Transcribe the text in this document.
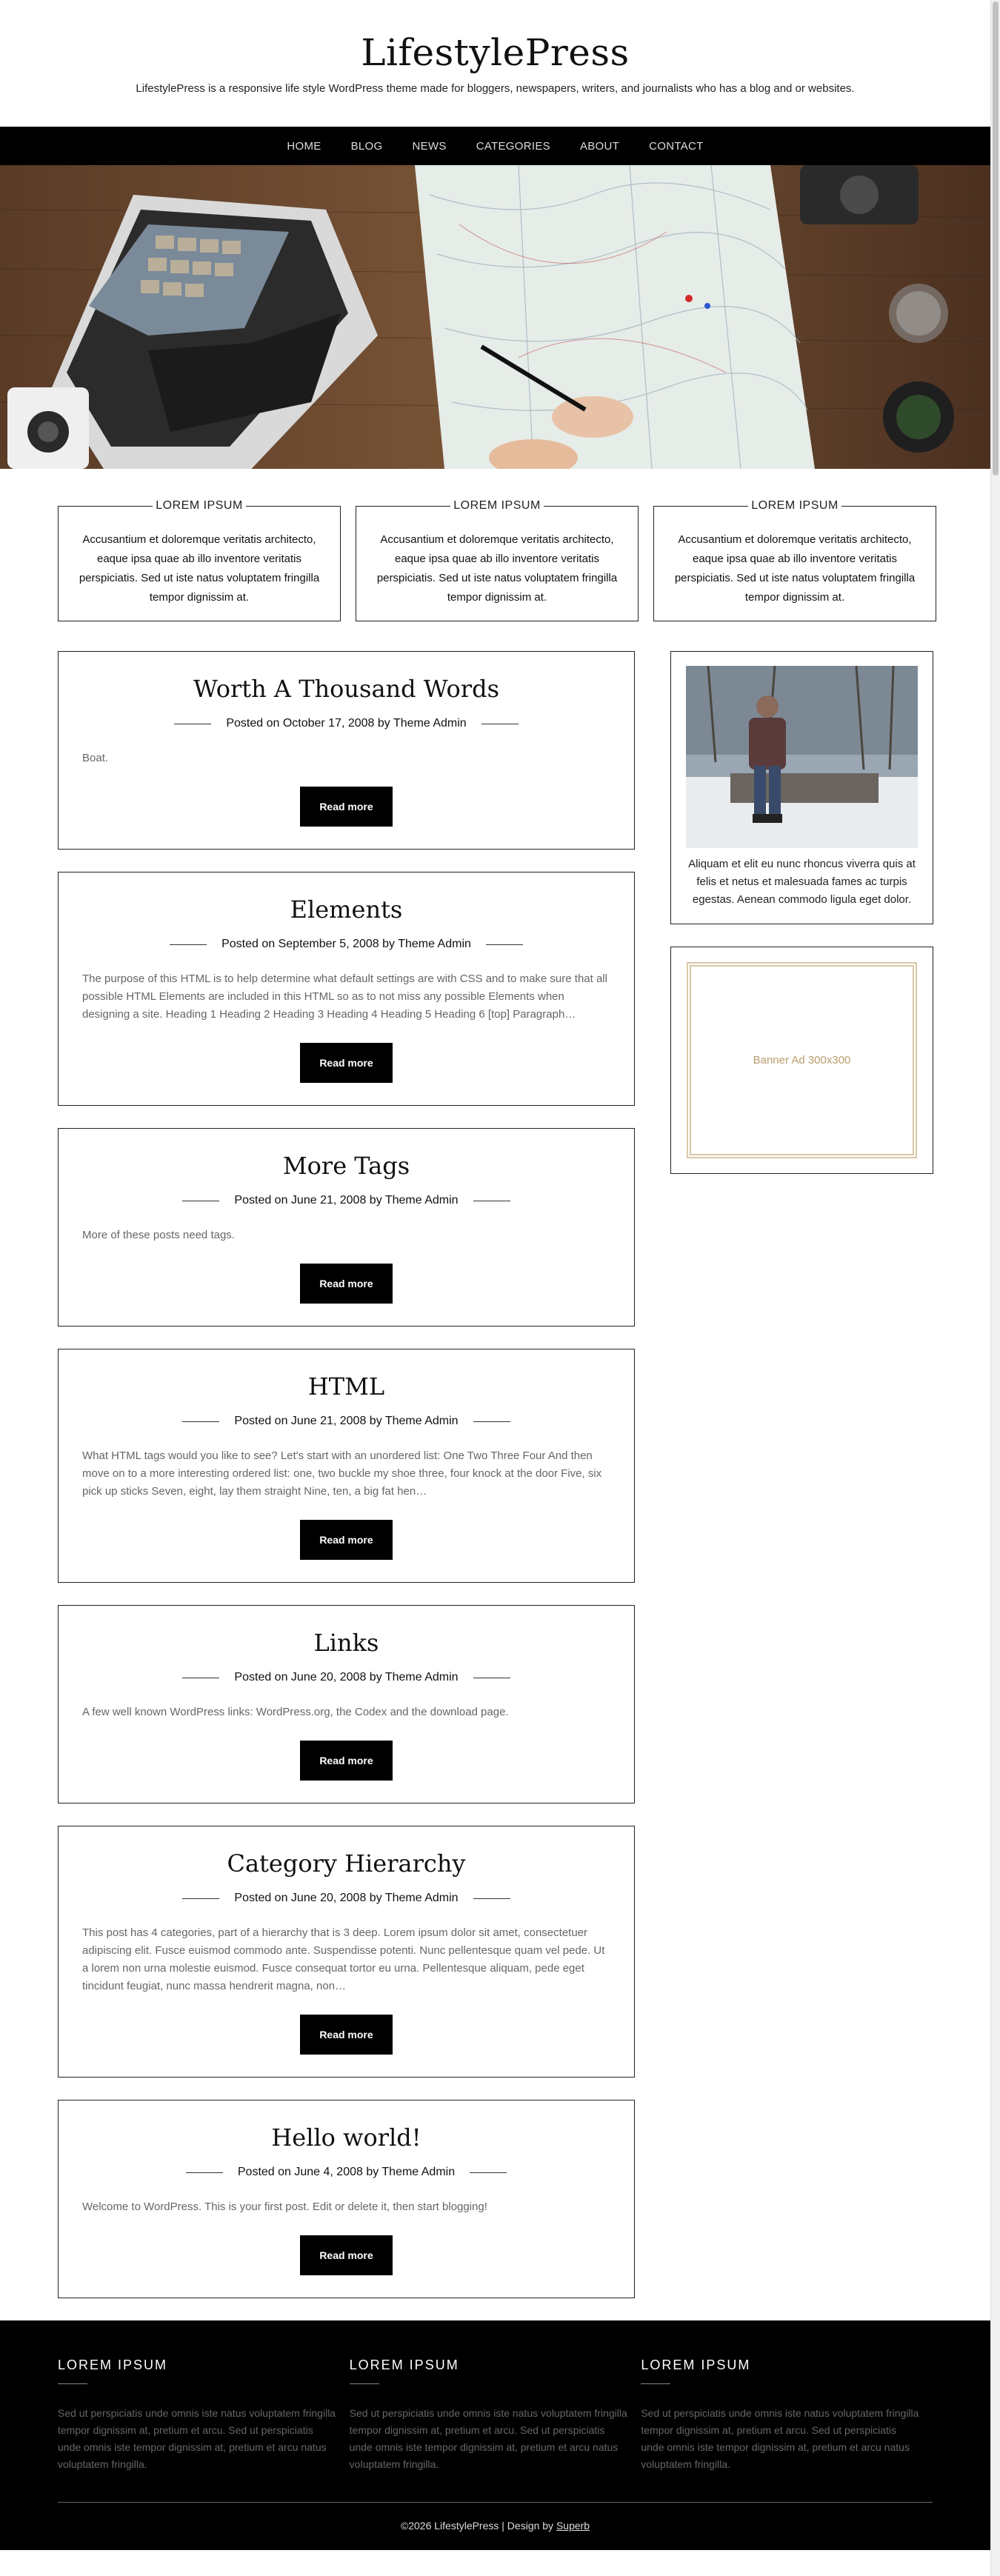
LifestylePress

LifestylePress is a responsive life style WordPress theme made for bloggers, newspapers, writers, and journalists who has a blog and or websites.

HOME	BLOG	NEWS	CATEGORIES	ABOUT	CONTACT
LOREM IPSUM

Accusantium et doloremque veritatis architecto, eaque ipsa quae ab illo inventore veritatis perspiciatis. Sed ut iste natus voluptatem fringilla tempor dignissim at.

LOREM IPSUM

Accusantium et doloremque veritatis architecto, eaque ipsa quae ab illo inventore veritatis perspiciatis. Sed ut iste natus voluptatem fringilla tempor dignissim at.

LOREM IPSUM

Accusantium et doloremque veritatis architecto, eaque ipsa quae ab illo inventore veritatis perspiciatis. Sed ut iste natus voluptatem fringilla tempor dignissim at.

Worth A Thousand Words
Posted on October 17, 2008 by Theme Admin

Boat.

Read more
Elements
Posted on September 5, 2008 by Theme Admin

The purpose of this HTML is to help determine what default settings are with CSS and to make sure that all possible HTML Elements are included in this HTML so as to not miss any possible Elements when designing a site. Heading 1 Heading 2 Heading 3 Heading 4 Heading 5 Heading 6 [top] Paragraph…

Read more
More Tags
Posted on June 21, 2008 by Theme Admin

More of these posts need tags.

Read more
HTML
Posted on June 21, 2008 by Theme Admin

What HTML tags would you like to see? Let's start with an unordered list: One Two Three Four And then move on to a more interesting ordered list: one, two buckle my shoe three, four knock at the door Five, six pick up sticks Seven, eight, lay them straight Nine, ten, a big fat hen…

Read more
Links
Posted on June 20, 2008 by Theme Admin

A few well known WordPress links: WordPress.org, the Codex and the download page.

Read more
Category Hierarchy
Posted on June 20, 2008 by Theme Admin

This post has 4 categories, part of a hierarchy that is 3 deep. Lorem ipsum dolor sit amet, consectetuer adipiscing elit. Fusce euismod commodo ante. Suspendisse potenti. Nunc pellentesque quam vel pede. Ut a lorem non urna molestie euismod. Fusce consequat tortor eu urna. Pellentesque aliquam, pede eget tincidunt feugiat, nunc massa hendrerit magna, non…

Read more
Hello world!
Posted on June 4, 2008 by Theme Admin

Welcome to WordPress. This is your first post. Edit or delete it, then start blogging!

Read more

Aliquam et elit eu nunc rhoncus viverra quis at felis et netus et malesuada fames ac turpis egestas. Aenean commodo ligula eget dolor.

Banner Ad 300x300
LOREM IPSUM

Sed ut perspiciatis unde omnis iste natus voluptatem fringilla tempor dignissim at, pretium et arcu. Sed ut perspiciatis unde omnis iste tempor dignissim at, pretium et arcu natus voluptatem fringilla.

LOREM IPSUM

Sed ut perspiciatis unde omnis iste natus voluptatem fringilla tempor dignissim at, pretium et arcu. Sed ut perspiciatis unde omnis iste tempor dignissim at, pretium et arcu natus voluptatem fringilla.

LOREM IPSUM

Sed ut perspiciatis unde omnis iste natus voluptatem fringilla tempor dignissim at, pretium et arcu. Sed ut perspiciatis unde omnis iste tempor dignissim at, pretium et arcu natus voluptatem fringilla.

©2026 LifestylePress | Design by Superb
